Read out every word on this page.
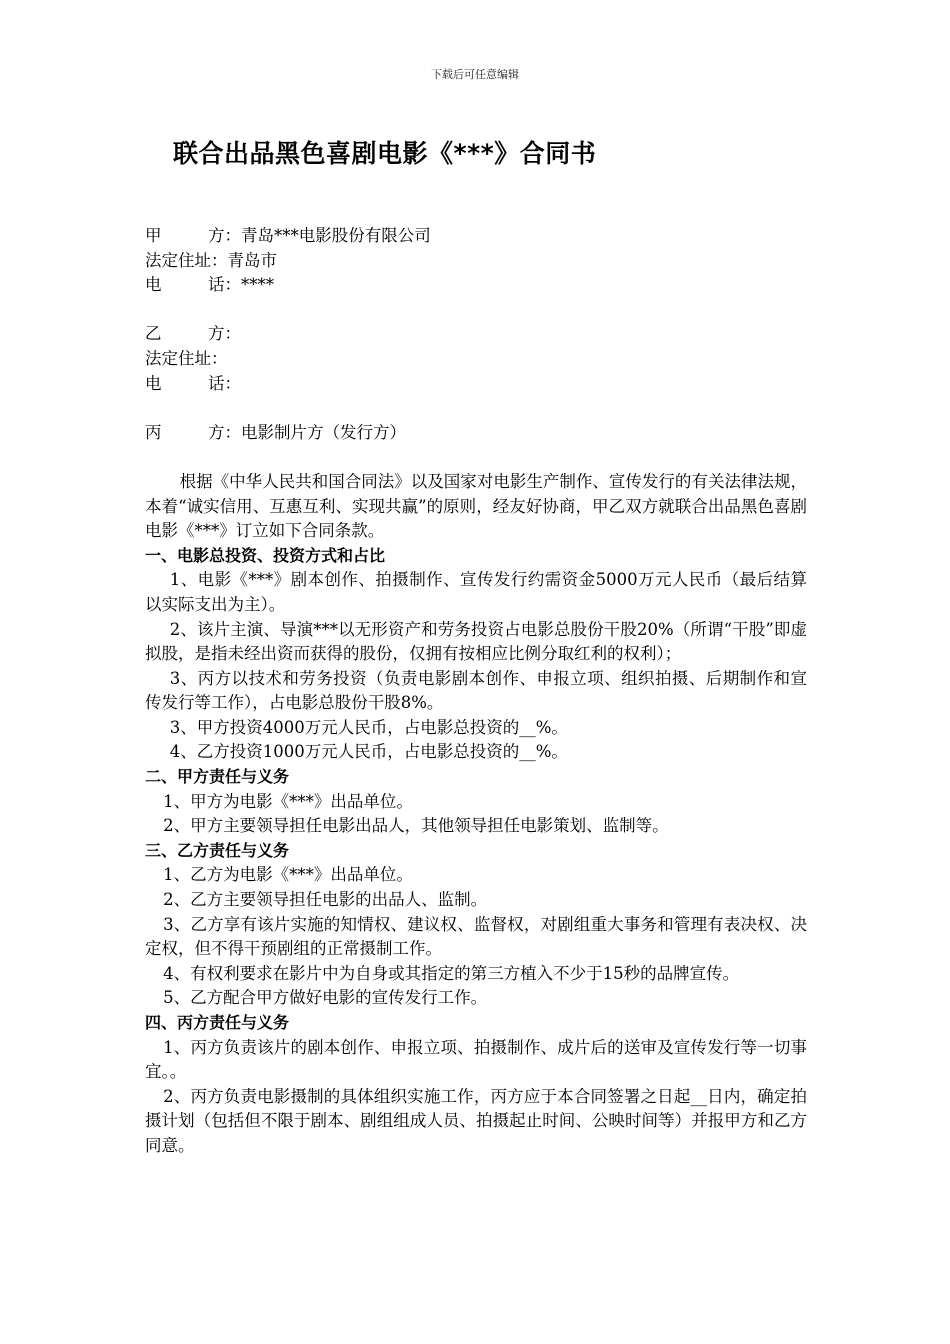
下载后可任意编辑
联合出品黑色喜剧电影《***》合同书
甲	方： 青岛***电影股份有限公司
法定住址： 青岛市
电	话： ****
乙	方：
法定住址：
电	话：
丙	方： 电影制片方（发行方）
根据《中华人民共和国合同法》以及国家对电影生产制作、宣传发行的有关法律法规，本着“诚实信用、互惠互利、实现共赢”的原则，经友好协商，甲乙双方就联合出品黑色喜剧电影《***》订立如下合同条款。
一、电影总投资、投资方式和占比
1、电影《***》剧本创作、拍摄制作、宣传发行约需资金5000万元人民币（最后结算以实际支出为主）。
2、该片主演、导演***以无形资产和劳务投资占电影总股份干股20%（所谓“干股”即虚拟股，是指未经出资而获得的股份，仅拥有按相应比例分取红利的权利）；
3、丙方以技术和劳务投资（负责电影剧本创作、申报立项、组织拍摄、后期制作和宣传发行等工作），占电影总股份干股8%。
3、甲方投资4000万元人民币，占电影总投资的__%。
4、乙方投资1000万元人民币，占电影总投资的__%。
二、甲方责任与义务
1、甲方为电影《***》出品单位。
2、甲方主要领导担任电影出品人，其他领导担任电影策划、监制等。
三、乙方责任与义务
1、乙方为电影《***》出品单位。
2、乙方主要领导担任电影的出品人、监制。
3、乙方享有该片实施的知情权、建议权、监督权，对剧组重大事务和管理有表决权、决定权，但不得干预剧组的正常摄制工作。
4、有权利要求在影片中为自身或其指定的第三方植入不少于15秒的品牌宣传。
5、乙方配合甲方做好电影的宣传发行工作。
四、丙方责任与义务
1、丙方负责该片的剧本创作、申报立项、拍摄制作、成片后的送审及宣传发行等一切事宜。。
2、丙方负责电影摄制的具体组织实施工作，丙方应于本合同签署之日起__日内，确定拍摄计划（包括但不限于剧本、剧组组成人员、拍摄起止时间、公映时间等）并报甲方和乙方同意。
